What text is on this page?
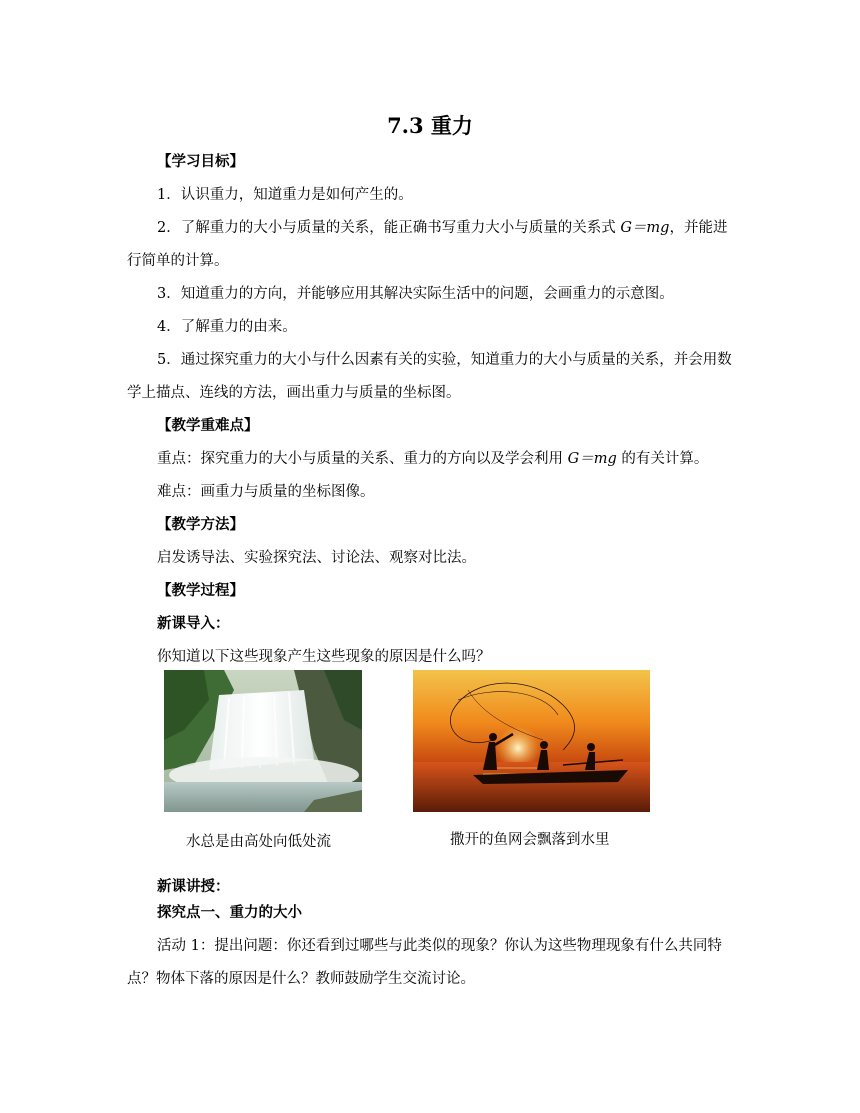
7.3 重力
【学习目标】
1．认识重力，知道重力是如何产生的。
2．了解重力的大小与质量的关系，能正确书写重力大小与质量的关系式 G＝mg，并能进
行简单的计算。
3．知道重力的方向，并能够应用其解决实际生活中的问题，会画重力的示意图。
4．了解重力的由来。
5．通过探究重力的大小与什么因素有关的实验，知道重力的大小与质量的关系，并会用数
学上描点、连线的方法，画出重力与质量的坐标图。
【教学重难点】
重点：探究重力的大小与质量的关系、重力的方向以及学会利用 G＝mg 的有关计算。
难点：画重力与质量的坐标图像。
【教学方法】
启发诱导法、实验探究法、讨论法、观察对比法。
【教学过程】
新课导入：
你知道以下这些现象产生这些现象的原因是什么吗？
水总是由高处向低处流	撒开的鱼网会飘落到水里
新课讲授：
探究点一、重力的大小
活动 1：提出问题：你还看到过哪些与此类似的现象？你认为这些物理现象有什么共同特
点？物体下落的原因是什么？教师鼓励学生交流讨论。
